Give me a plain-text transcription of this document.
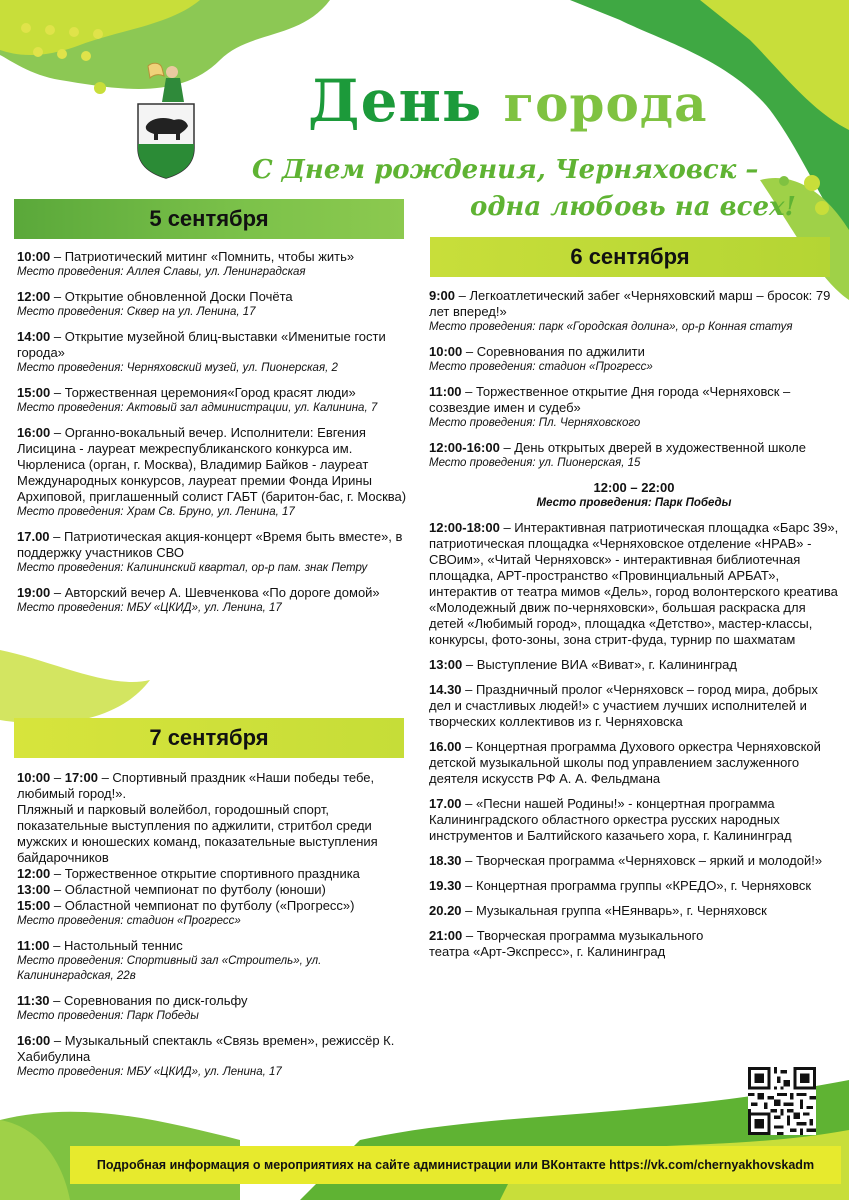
День города
С Днем рождения, Черняховск –
одна любовь на всех!
5 сентября
10:00 – Патриотический митинг «Помнить, чтобы жить»
Место проведения: Аллея Славы, ул. Ленинградская
12:00 – Открытие обновленной Доски Почёта
Место проведения: Сквер на ул. Ленина, 17
14:00 – Открытие музейной блиц-выставки «Именитые гости города»
Место проведения: Черняховский музей, ул. Пионерская, 2
15:00 – Торжественная церемония«Город красят люди»
Место проведения: Актовый зал администрации, ул. Калинина, 7
16:00 – Органно-вокальный вечер. Исполнители: Евгения Лисицина - лауреат межреспубликанского конкурса им. Чюрлениса (орган, г. Москва), Владимир Байков - лауреат Международных конкурсов, лауреат премии Фонда Ирины Архиповой, приглашенный солист ГАБТ (баритон-бас, г. Москва)
Место проведения: Храм Св. Бруно, ул. Ленина, 17
17.00 – Патриотическая акция-концерт «Время быть вместе», в поддержку участников СВО
Место проведения: Калининский квартал, ор-р пам. знак Петру
19:00 – Авторский вечер А. Шевченкова «По дороге домой»
Место проведения: МБУ «ЦКИД», ул. Ленина, 17
6 сентября
9:00 – Легкоатлетический забег «Черняховский марш – бросок: 79 лет вперед!»
Место проведения: парк «Городская долина», ор-р Конная статуя
10:00 – Соревнования по аджилити
Место проведения: стадион «Прогресс»
11:00 – Торжественное открытие Дня города «Черняховск – созвездие имен и судеб»
Место проведения: Пл. Черняховского
12:00-16:00 – День открытых дверей в художественной школе
Место проведения: ул. Пионерская, 15
12:00 – 22:00
Место проведения: Парк Победы
12:00-18:00 – Интерактивная патриотическая площадка «Барс 39», патриотическая площадка «Черняховское отделение «НРАВ» - СВОим», «Читай Черняховск» - интерактивная библиотечная площадка, АРТ-пространство «Провинциальный АРБАТ», интерактив от театра мимов «Дель», город волонтерского креатива «Молодежный движ по-черняховски», большая раскраска для детей «Любимый город», площадка «Детство», мастер-классы, конкурсы, фото-зоны, зона стрит-фуда, турнир по шахматам
13:00 – Выступление ВИА «Виват», г. Калининград
14.30 – Праздничный пролог «Черняховск – город мира, добрых дел и счастливых людей!» с участием лучших исполнителей и творческих коллективов из г. Черняховска
16.00 – Концертная программа Духового оркестра Черняховской детской музыкальной школы под управлением заслуженного деятеля искусств РФ А. А. Фельдмана
17.00 – «Песни нашей Родины!» - концертная программа Калининградского областного оркестра русских народных инструментов и Балтийского казачьего хора, г. Калининград
18.30 – Творческая программа «Черняховск – яркий и молодой!»
19.30 – Концертная программа группы «КРЕДО», г. Черняховск
20.20 – Музыкальная группа «НЕянварь», г. Черняховск
21:00 – Творческая программа музыкального театра «Арт-Экспресс», г. Калининград
7 сентября
10:00 – 17:00 – Спортивный праздник «Наши победы тебе, любимый город!».
Пляжный и парковый волейбол, городошный спорт, показательные выступления по аджилити, стритбол среди мужских и юношеских команд, показательные выступления байдарочников
12:00 – Торжественное открытие спортивного праздника
13:00 – Областной чемпионат по футболу (юноши)
15:00 – Областной чемпионат по футболу («Прогресс»)
Место проведения: стадион «Прогресс»
11:00 – Настольный теннис
Место проведения: Спортивный зал «Строитель», ул. Калининградская, 22в
11:30 – Соревнования по диск-гольфу
Место проведения: Парк Победы
16:00 – Музыкальный спектакль «Связь времен», режиссёр К. Хабибулина
Место проведения: МБУ «ЦКИД», ул. Ленина, 17
Подробная информация о мероприятиях на сайте администрации или ВКонтакте https://vk.com/chernyakhovskadm
